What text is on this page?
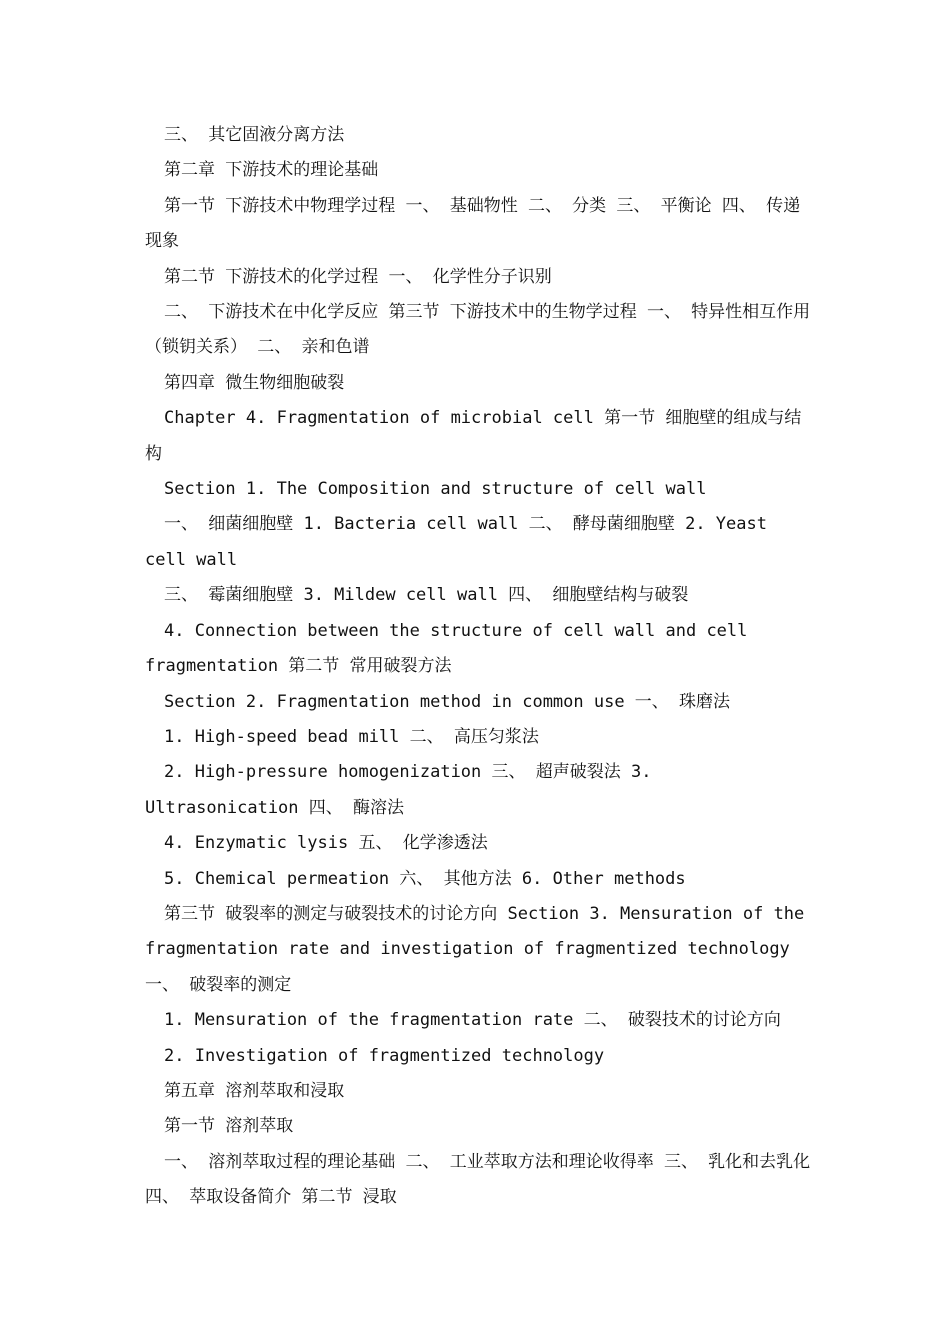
三、 其它固液分离方法

第二章 下游技术的理论基础

第一节 下游技术中物理学过程 一、 基础物性 二、 分类 三、 平衡论 四、 传递现象

第二节 下游技术的化学过程 一、 化学性分子识别

二、 下游技术在中化学反应 第三节 下游技术中的生物学过程 一、 特异性相互作用（锁钥关系） 二、 亲和色谱

第四章 微生物细胞破裂

Chapter 4. Fragmentation of microbial cell 第一节 细胞壁的组成与结构

Section 1. The Composition and structure of cell wall

一、 细菌细胞壁 1. Bacteria cell wall 二、 酵母菌细胞壁 2. Yeast cell wall

三、 霉菌细胞壁 3. Mildew cell wall 四、 细胞壁结构与破裂

4. Connection between the structure of cell wall and cell fragmentation 第二节 常用破裂方法

Section 2. Fragmentation method in common use 一、 珠磨法

1. High-speed bead mill 二、 高压匀浆法

2. High-pressure homogenization 三、 超声破裂法 3. Ultrasonication 四、 酶溶法

4. Enzymatic lysis 五、 化学渗透法

5. Chemical permeation 六、 其他方法 6. Other methods

第三节 破裂率的测定与破裂技术的讨论方向 Section 3. Mensuration of the fragmentation rate and investigation of fragmentized technology 一、 破裂率的测定

1. Mensuration of the fragmentation rate 二、 破裂技术的讨论方向

2. Investigation of fragmentized technology

第五章 溶剂萃取和浸取

第一节 溶剂萃取

一、 溶剂萃取过程的理论基础 二、 工业萃取方法和理论收得率 三、 乳化和去乳化 四、 萃取设备简介 第二节 浸取
